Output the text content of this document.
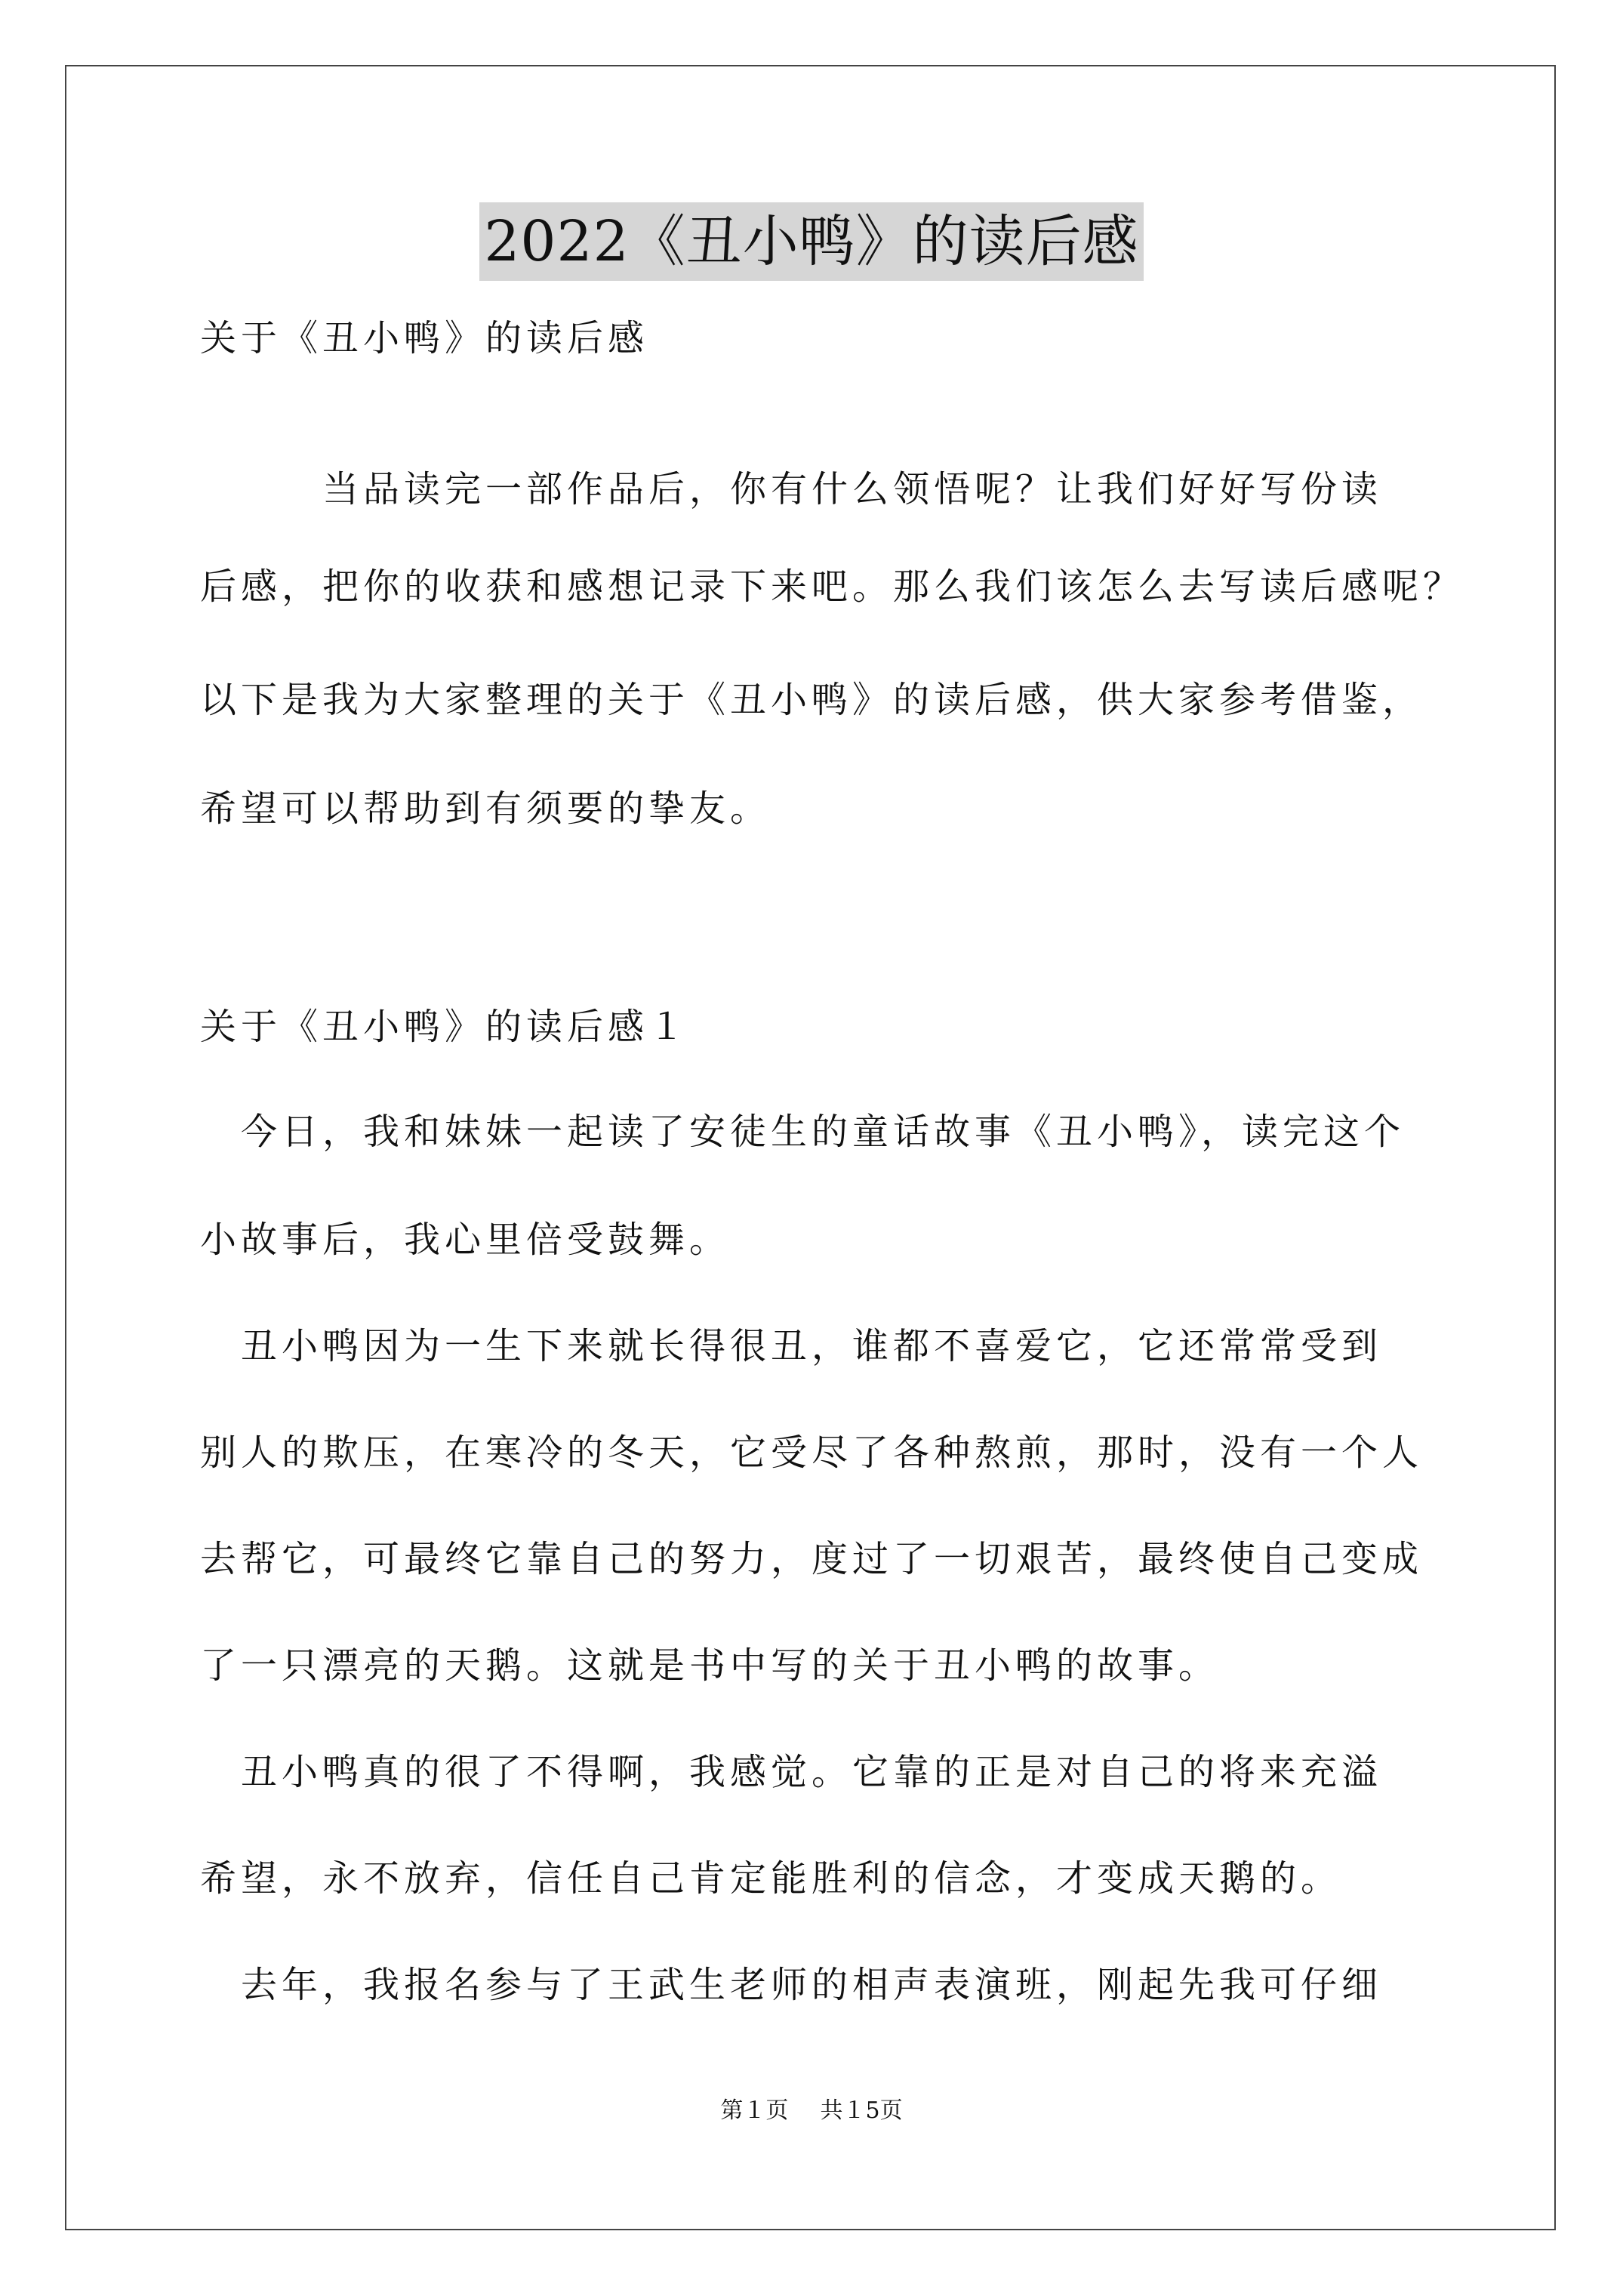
2022《丑小鸭》的读后感
关于《丑小鸭》的读后感
　　　当品读完一部作品后，你有什么领悟呢？让我们好好写份读
后感，把你的收获和感想记录下来吧。那么我们该怎么去写读后感呢？
以下是我为大家整理的关于《丑小鸭》的读后感，供大家参考借鉴，
希望可以帮助到有须要的挚友。
关于《丑小鸭》的读后感１
　今日，我和妹妹一起读了安徒生的童话故事《丑小鸭》，读完这个
小故事后，我心里倍受鼓舞。
　丑小鸭因为一生下来就长得很丑，谁都不喜爱它，它还常常受到
别人的欺压，在寒冷的冬天，它受尽了各种熬煎，那时，没有一个人
去帮它，可最终它靠自己的努力，度过了一切艰苦，最终使自己变成
了一只漂亮的天鹅。这就是书中写的关于丑小鸭的故事。
　丑小鸭真的很了不得啊，我感觉。它靠的正是对自己的将来充溢
希望，永不放弃，信任自己肯定能胜利的信念，才变成天鹅的。
　去年，我报名参与了王武生老师的相声表演班，刚起先我可仔细
第１页 共１5页
